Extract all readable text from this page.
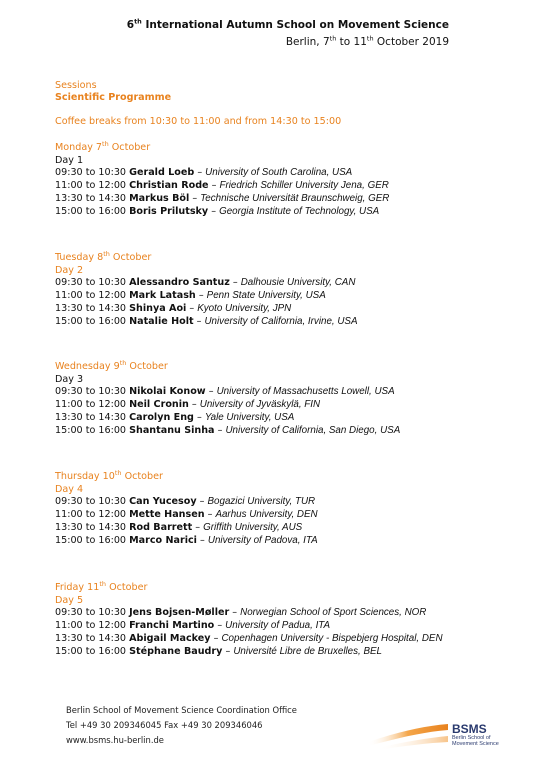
6th International Autumn School on Movement Science
Berlin, 7th to 11th October 2019
Sessions
Scientific Programme
Coffee breaks from 10:30 to 11:00 and from 14:30 to 15:00
Monday 7th October
Day 1
09:30 to 10:30 Gerald Loeb – University of South Carolina, USA
11:00 to 12:00 Christian Rode – Friedrich Schiller University Jena, GER
13:30 to 14:30 Markus Böl – Technische Universität Braunschweig, GER
15:00 to 16:00 Boris Prilutsky – Georgia Institute of Technology, USA
Tuesday 8th October
Day 2
09:30 to 10:30 Alessandro Santuz – Dalhousie University, CAN
11:00 to 12:00 Mark Latash – Penn State University, USA
13:30 to 14:30 Shinya Aoi – Kyoto University, JPN
15:00 to 16:00 Natalie Holt – University of California, Irvine, USA
Wednesday 9th October
Day 3
09:30 to 10:30 Nikolai Konow – University of Massachusetts Lowell, USA
11:00 to 12:00 Neil Cronin – University of Jyväskylä, FIN
13:30 to 14:30 Carolyn Eng – Yale University, USA
15:00 to 16:00 Shantanu Sinha – University of California, San Diego, USA
Thursday 10th October
Day 4
09:30 to 10:30 Can Yucesoy – Bogazici University, TUR
11:00 to 12:00 Mette Hansen – Aarhus University, DEN
13:30 to 14:30 Rod Barrett – Griffith University, AUS
15:00 to 16:00 Marco Narici – University of Padova, ITA
Friday 11th October
Day 5
09:30 to 10:30 Jens Bojsen-Møller – Norwegian School of Sport Sciences, NOR
11:00 to 12:00 Franchi Martino – University of Padua, ITA
13:30 to 14:30 Abigail Mackey – Copenhagen University - Bispebjerg Hospital, DEN
15:00 to 16:00 Stéphane Baudry – Université Libre de Bruxelles, BEL
Berlin School of Movement Science Coordination Office
Tel +49 30 209346045 Fax +49 30 209346046
www.bsms.hu-berlin.de
BSMS
Berlin School of
Movement Science
